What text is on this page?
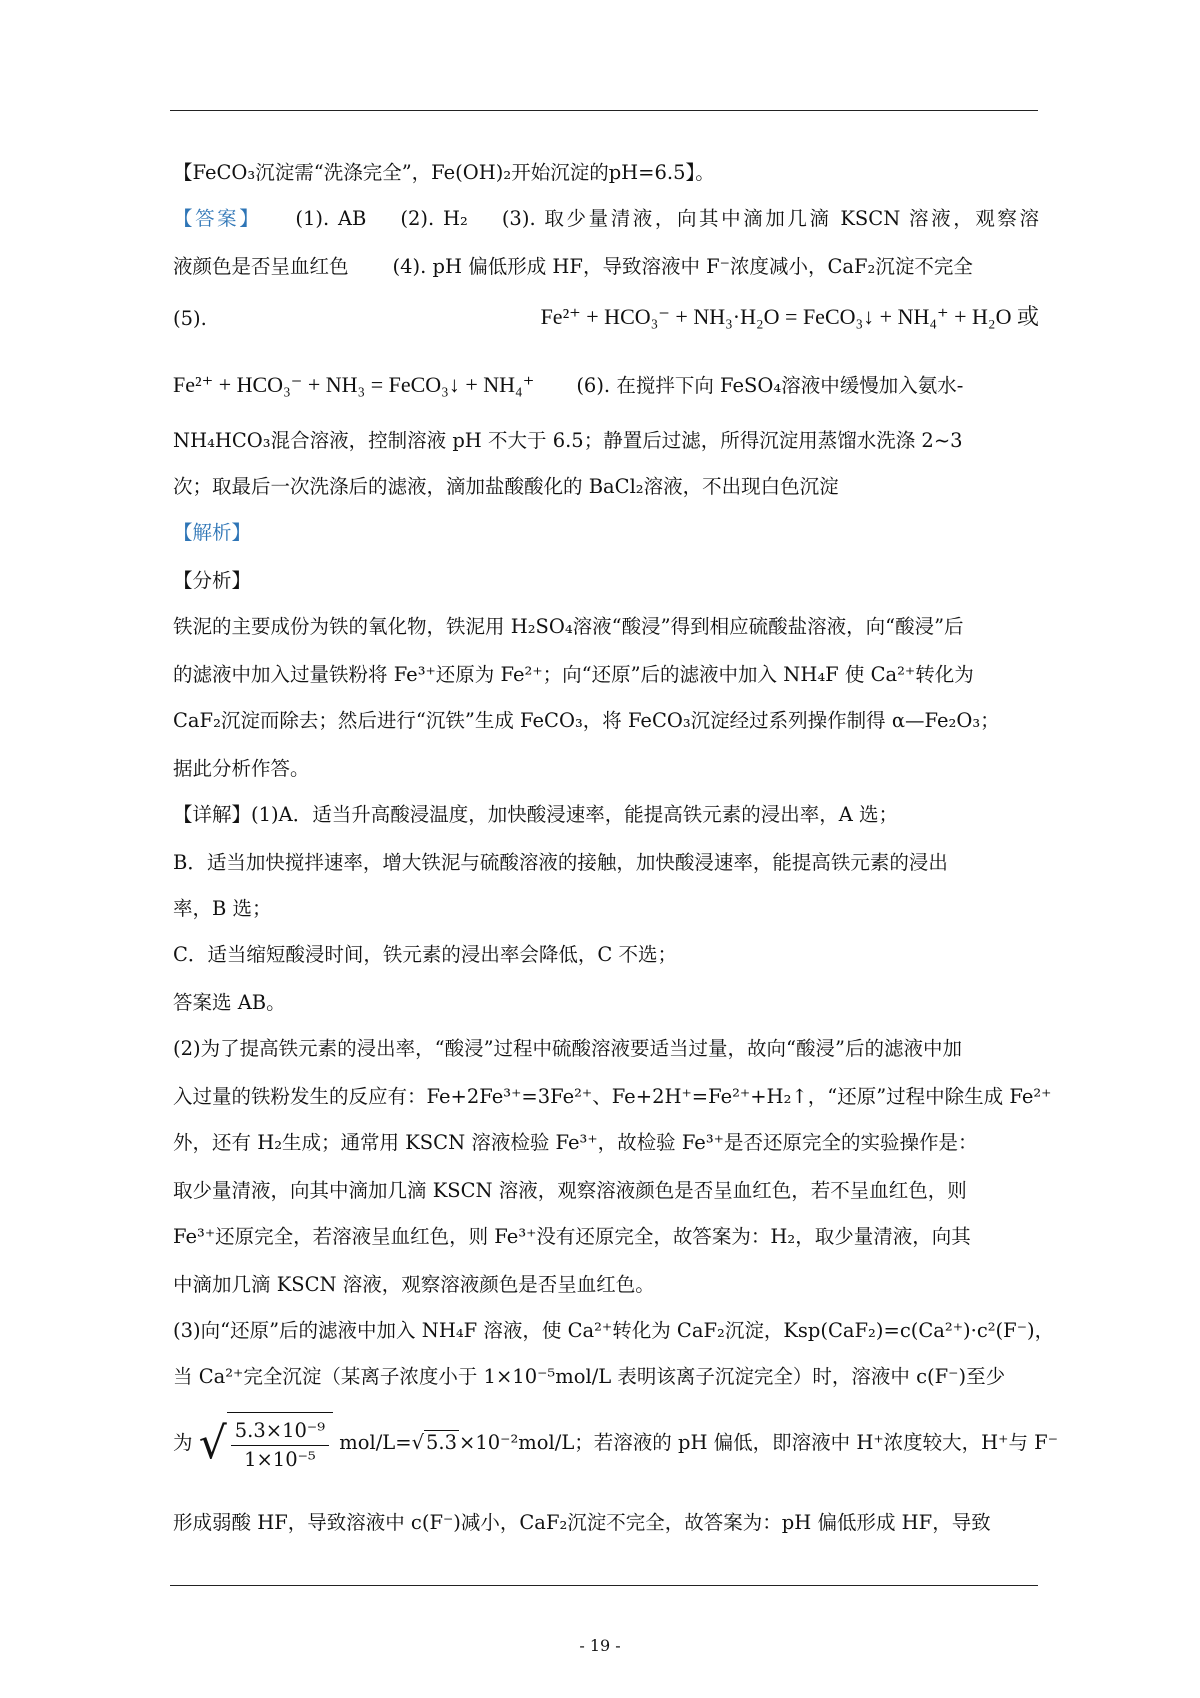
【FeCO₃沉淀需“洗涤完全”，Fe(OH)₂开始沉淀的pH=6.5】。
【答案】 (1). AB (2). H₂ (3). 取少量清液，向其中滴加几滴 KSCN 溶液，观察溶
液颜色是否呈血红色 (4). pH 偏低形成 HF，导致溶液中 F⁻浓度减小，CaF₂沉淀不完全
(5).	Fe²⁺ + HCO₃⁻ + NH₃·H₂O = FeCO₃↓ + NH₄⁺ + H₂O 或
Fe²⁺ + HCO₃⁻ + NH₃ = FeCO₃↓ + NH₄⁺ (6). 在搅拌下向 FeSO₄溶液中缓慢加入氨水-
NH₄HCO₃混合溶液，控制溶液 pH 不大于 6.5；静置后过滤，所得沉淀用蒸馏水洗涤 2~3
次；取最后一次洗涤后的滤液，滴加盐酸酸化的 BaCl₂溶液，不出现白色沉淀
【解析】
【分析】
铁泥的主要成份为铁的氧化物，铁泥用 H₂SO₄溶液“酸浸”得到相应硫酸盐溶液，向“酸浸”后
的滤液中加入过量铁粉将 Fe³⁺还原为 Fe²⁺；向“还原”后的滤液中加入 NH₄F 使 Ca²⁺转化为
CaF₂沉淀而除去；然后进行“沉铁”生成 FeCO₃，将 FeCO₃沉淀经过系列操作制得 α—Fe₂O₃；
据此分析作答。
【详解】(1)A．适当升高酸浸温度，加快酸浸速率，能提高铁元素的浸出率，A 选；
B．适当加快搅拌速率，增大铁泥与硫酸溶液的接触，加快酸浸速率，能提高铁元素的浸出
率，B 选；
C．适当缩短酸浸时间，铁元素的浸出率会降低，C 不选；
答案选 AB。
(2)为了提高铁元素的浸出率，“酸浸”过程中硫酸溶液要适当过量，故向“酸浸”后的滤液中加
入过量的铁粉发生的反应有：Fe+2Fe³⁺=3Fe²⁺、Fe+2H⁺=Fe²⁺+H₂↑，“还原”过程中除生成 Fe²⁺
外，还有 H₂生成；通常用 KSCN 溶液检验 Fe³⁺，故检验 Fe³⁺是否还原完全的实验操作是：
取少量清液，向其中滴加几滴 KSCN 溶液，观察溶液颜色是否呈血红色，若不呈血红色，则
Fe³⁺还原完全，若溶液呈血红色，则 Fe³⁺没有还原完全，故答案为：H₂，取少量清液，向其
中滴加几滴 KSCN 溶液，观察溶液颜色是否呈血红色。
(3)向“还原”后的滤液中加入 NH₄F 溶液，使 Ca²⁺转化为 CaF₂沉淀，Ksp(CaF₂)=c(Ca²⁺)·c²(F⁻)，
当 Ca²⁺完全沉淀（某离子浓度小于 1×10⁻⁵mol/L 表明该离子沉淀完全）时，溶液中 c(F⁻)至少
为 √ $\frac{\text{5.3×10⁻⁹}}{\text{1×10⁻⁵}} mol/L=√$ 5.3 ×10⁻²mol/L；若溶液的 pH 偏低，即溶液中 H⁺浓度较大，H⁺与 F⁻
形成弱酸 HF，导致溶液中 c(F⁻)减小，CaF₂沉淀不完全，故答案为：pH 偏低形成 HF，导致
- 19 -
